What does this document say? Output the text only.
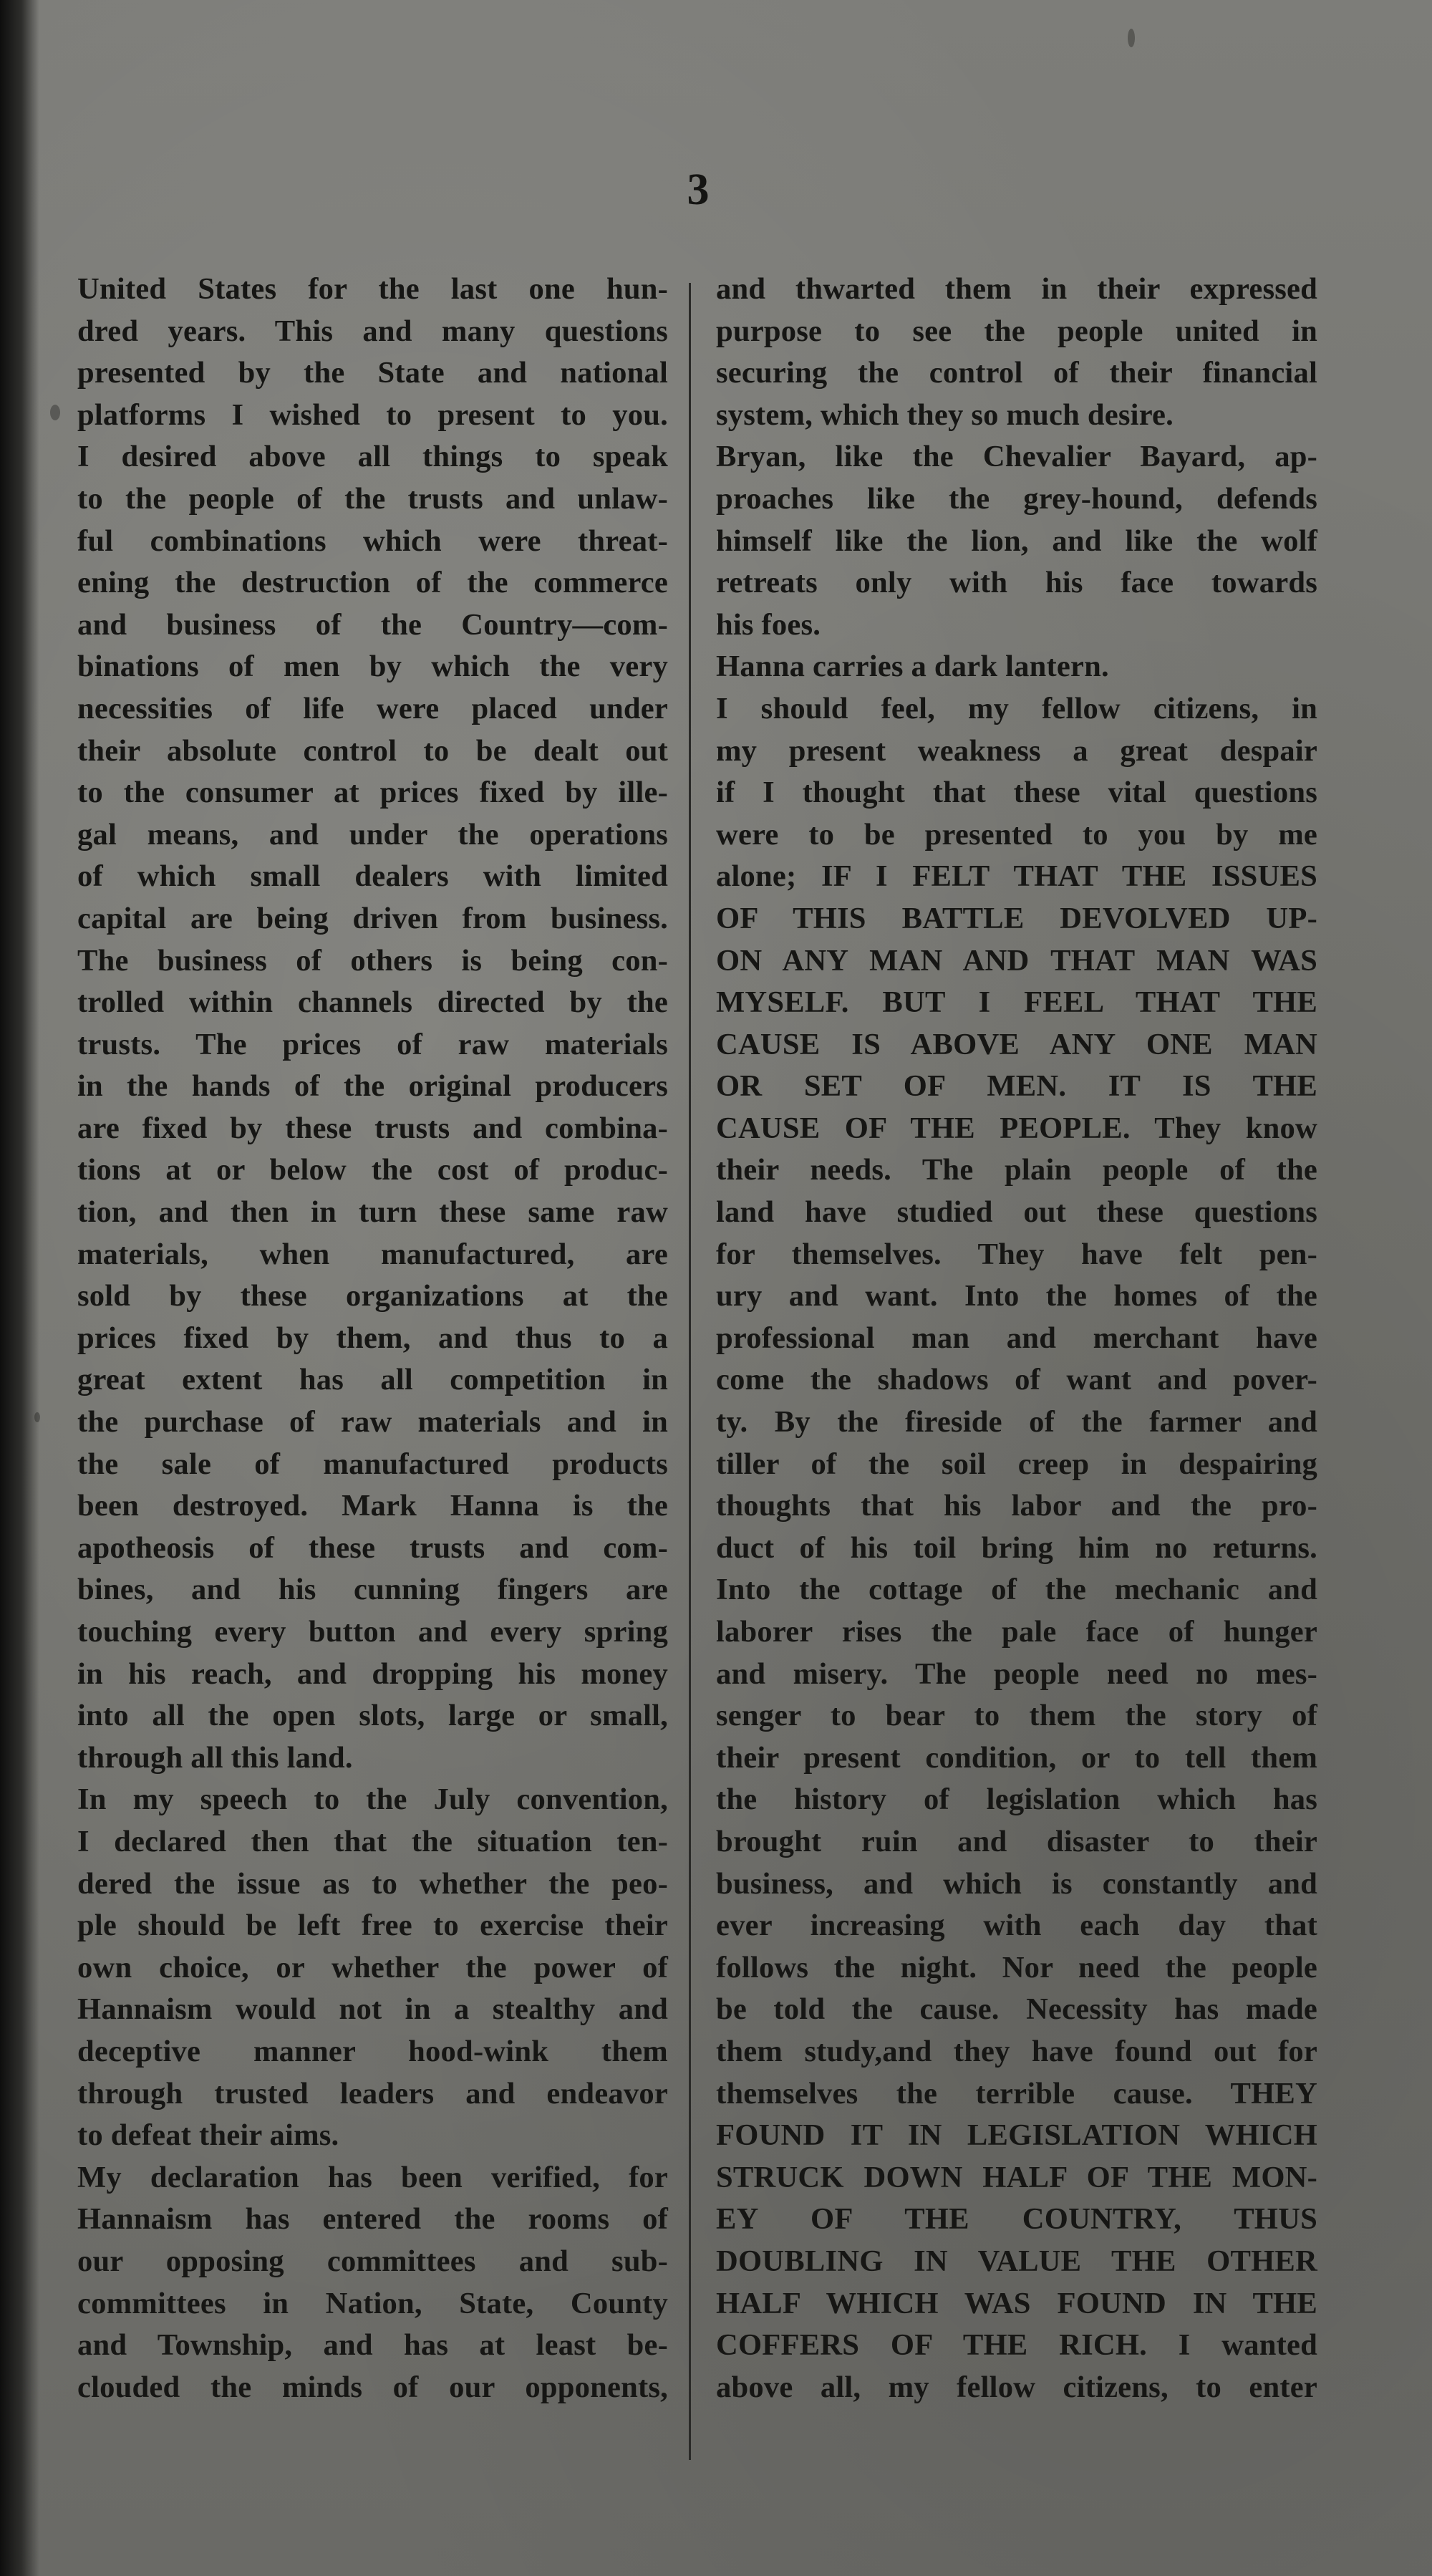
3
United States for the last one hun-
dred years. This and many questions
presented by the State and national
platforms I wished to present to you.
I desired above all things to speak
to the people of the trusts and unlaw-
ful combinations which were threat-
ening the destruction of the commerce
and business of the Country—com-
binations of men by which the very
necessities of life were placed under
their absolute control to be dealt out
to the consumer at prices fixed by ille-
gal means, and under the operations
of which small dealers with limited
capital are being driven from business.
The business of others is being con-
trolled within channels directed by the
trusts. The prices of raw materials
in the hands of the original producers
are fixed by these trusts and combina-
tions at or below the cost of produc-
tion, and then in turn these same raw
materials, when manufactured, are
sold by these organizations at the
prices fixed by them, and thus to a
great extent has all competition in
the purchase of raw materials and in
the sale of manufactured products
been destroyed. Mark Hanna is the
apotheosis of these trusts and com-
bines, and his cunning fingers are
touching every button and every spring
in his reach, and dropping his money
into all the open slots, large or small,
through all this land.
In my speech to the July convention,
I declared then that the situation ten-
dered the issue as to whether the peo-
ple should be left free to exercise their
own choice, or whether the power of
Hannaism would not in a stealthy and
deceptive manner hood-wink them
through trusted leaders and endeavor
to defeat their aims.
My declaration has been verified, for
Hannaism has entered the rooms of
our opposing committees and sub-
committees in Nation, State, County
and Township, and has at least be-
clouded the minds of our opponents,
and thwarted them in their expressed
purpose to see the people united in
securing the control of their financial
system, which they so much desire.
Bryan, like the Chevalier Bayard, ap-
proaches like the grey-hound, defends
himself like the lion, and like the wolf
retreats only with his face towards
his foes.
Hanna carries a dark lantern.
I should feel, my fellow citizens, in
my present weakness a great despair
if I thought that these vital questions
were to be presented to you by me
alone; IF I FELT THAT THE ISSUES
OF THIS BATTLE DEVOLVED UP-
ON ANY MAN AND THAT MAN WAS
MYSELF. BUT I FEEL THAT THE
CAUSE IS ABOVE ANY ONE MAN
OR SET OF MEN. IT IS THE
CAUSE OF THE PEOPLE. They know
their needs. The plain people of the
land have studied out these questions
for themselves. They have felt pen-
ury and want. Into the homes of the
professional man and merchant have
come the shadows of want and pover-
ty. By the fireside of the farmer and
tiller of the soil creep in despairing
thoughts that his labor and the pro-
duct of his toil bring him no returns.
Into the cottage of the mechanic and
laborer rises the pale face of hunger
and misery. The people need no mes-
senger to bear to them the story of
their present condition, or to tell them
the history of legislation which has
brought ruin and disaster to their
business, and which is constantly and
ever increasing with each day that
follows the night. Nor need the people
be told the cause. Necessity has made
them study,and they have found out for
themselves the terrible cause. THEY
FOUND IT IN LEGISLATION WHICH
STRUCK DOWN HALF OF THE MON-
EY OF THE COUNTRY, THUS
DOUBLING IN VALUE THE OTHER
HALF WHICH WAS FOUND IN THE
COFFERS OF THE RICH. I wanted
above all, my fellow citizens, to enter
